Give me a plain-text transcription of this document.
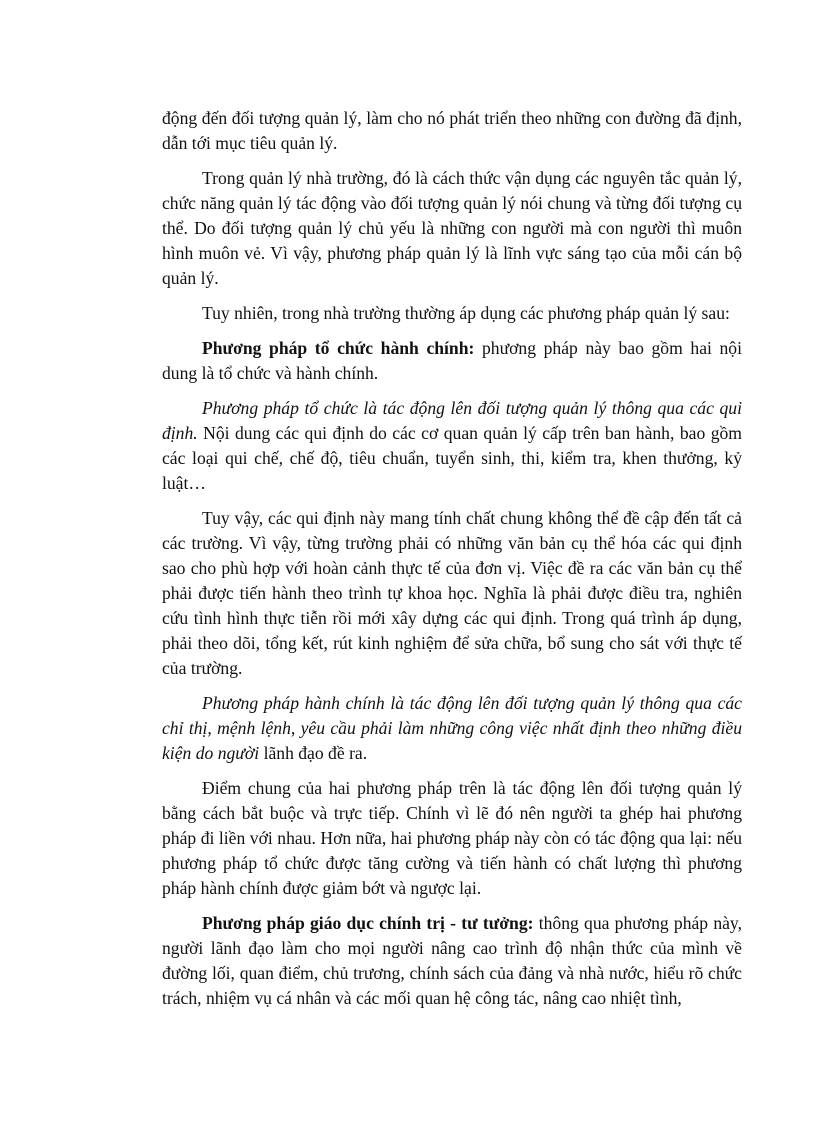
động đến đối tượng quản lý, làm cho nó phát triển theo những con đường đã định, dẫn tới mục tiêu quản lý.

Trong quản lý nhà trường, đó là cách thức vận dụng các nguyên tắc quản lý, chức năng quản lý tác động vào đối tượng quản lý nói chung và từng đối tượng cụ thể. Do đối tượng quản lý chủ yếu là những con người mà con người thì muôn hình muôn vẻ. Vì vậy, phương pháp quản lý là lĩnh vực sáng tạo của mỗi cán bộ quản lý.

Tuy nhiên, trong nhà trường thường áp dụng các phương pháp quản lý sau:

Phương pháp tổ chức hành chính: phương pháp này bao gồm hai nội dung là tổ chức và hành chính.

Phương pháp tổ chức là tác động lên đối tượng quản lý thông qua các qui định. Nội dung các qui định do các cơ quan quản lý cấp trên ban hành, bao gồm các loại qui chế, chế độ, tiêu chuẩn, tuyển sinh, thi, kiểm tra, khen thưởng, kỷ luật…

Tuy vậy, các qui định này mang tính chất chung không thể đề cập đến tất cả các trường. Vì vậy, từng trường phải có những văn bản cụ thể hóa các qui định sao cho phù hợp với hoàn cảnh thực tế của đơn vị. Việc đề ra các văn bản cụ thể phải được tiến hành theo trình tự khoa học. Nghĩa là phải được điều tra, nghiên cứu tình hình thực tiễn rồi mới xây dựng các qui định. Trong quá trình áp dụng, phải theo dõi, tổng kết, rút kinh nghiệm để sửa chữa, bổ sung cho sát với thực tế của trường.

Phương pháp hành chính là tác động lên đối tượng quản lý thông qua các chỉ thị, mệnh lệnh, yêu cầu phải làm những công việc nhất định theo những điều kiện do người lãnh đạo đề ra.

Điểm chung của hai phương pháp trên là tác động lên đối tượng quản lý bằng cách bắt buộc và trực tiếp. Chính vì lẽ đó nên người ta ghép hai phương pháp đi liền với nhau. Hơn nữa, hai phương pháp này còn có tác động qua lại: nếu phương pháp tổ chức được tăng cường và tiến hành có chất lượng thì phương pháp hành chính được giảm bớt và ngược lại.

Phương pháp giáo dục chính trị - tư tưởng: thông qua phương pháp này, người lãnh đạo làm cho mọi người nâng cao trình độ nhận thức của mình về đường lối, quan điểm, chủ trương, chính sách của đảng và nhà nước, hiểu rõ chức trách, nhiệm vụ cá nhân và các mối quan hệ công tác, nâng cao nhiệt tình,
